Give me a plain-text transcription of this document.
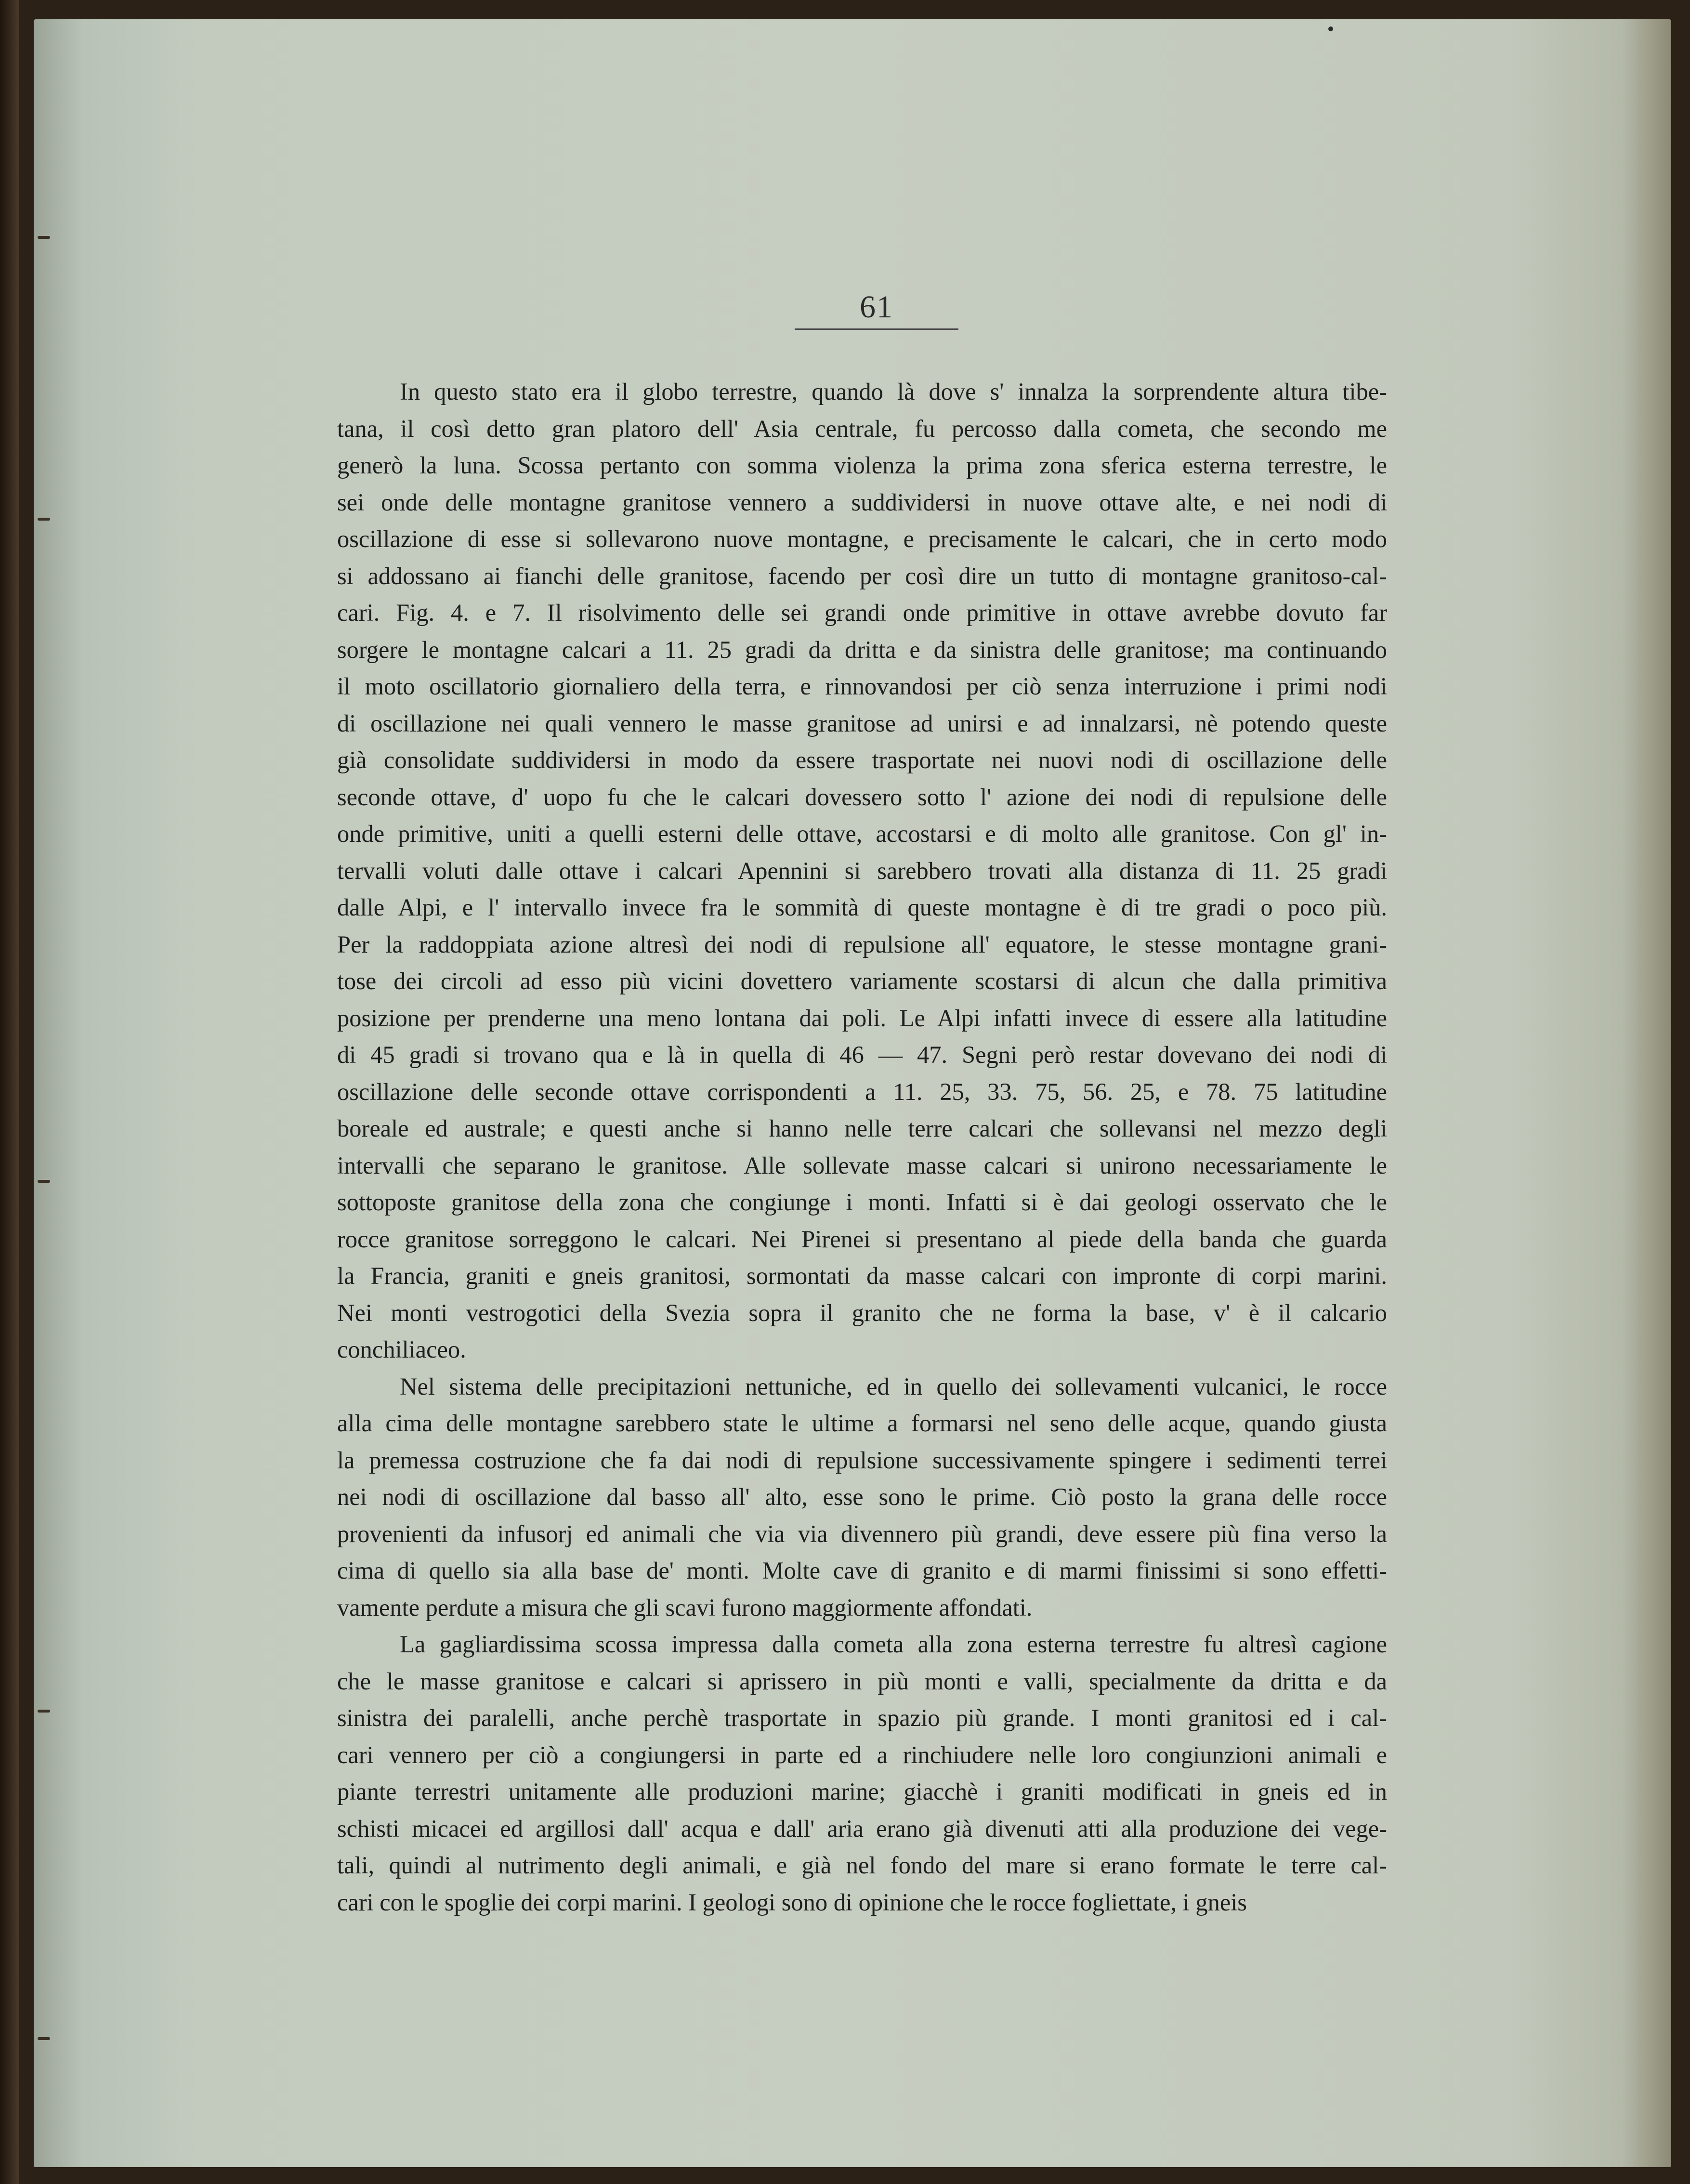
61
In questo stato era il globo terrestre, quando là dove s' innalza la sorprendente altura tibe-
tana, il così detto gran platoro dell' Asia centrale, fu percosso dalla cometa, che secondo me
generò la luna. Scossa pertanto con somma violenza la prima zona sferica esterna terrestre, le
sei onde delle montagne granitose vennero a suddividersi in nuove ottave alte, e nei nodi di
oscillazione di esse si sollevarono nuove montagne, e precisamente le calcari, che in certo modo
si addossano ai fianchi delle granitose, facendo per così dire un tutto di montagne granitoso-cal-
cari. Fig. 4. e 7. Il risolvimento delle sei grandi onde primitive in ottave avrebbe dovuto far
sorgere le montagne calcari a 11. 25 gradi da dritta e da sinistra delle granitose; ma continuando
il moto oscillatorio giornaliero della terra, e rinnovandosi per ciò senza interruzione i primi nodi
di oscillazione nei quali vennero le masse granitose ad unirsi e ad innalzarsi, nè potendo queste
già consolidate suddividersi in modo da essere trasportate nei nuovi nodi di oscillazione delle
seconde ottave, d' uopo fu che le calcari dovessero sotto l' azione dei nodi di repulsione delle
onde primitive, uniti a quelli esterni delle ottave, accostarsi e di molto alle granitose. Con gl' in-
tervalli voluti dalle ottave i calcari Apennini si sarebbero trovati alla distanza di 11. 25 gradi
dalle Alpi, e l' intervallo invece fra le sommità di queste montagne è di tre gradi o poco più.
Per la raddoppiata azione altresì dei nodi di repulsione all' equatore, le stesse montagne grani-
tose dei circoli ad esso più vicini dovettero variamente scostarsi di alcun che dalla primitiva
posizione per prenderne una meno lontana dai poli. Le Alpi infatti invece di essere alla latitudine
di 45 gradi si trovano qua e là in quella di 46 — 47. Segni però restar dovevano dei nodi di
oscillazione delle seconde ottave corrispondenti a 11. 25, 33. 75, 56. 25, e 78. 75 latitudine
boreale ed australe; e questi anche si hanno nelle terre calcari che sollevansi nel mezzo degli
intervalli che separano le granitose. Alle sollevate masse calcari si unirono necessariamente le
sottoposte granitose della zona che congiunge i monti. Infatti si è dai geologi osservato che le
rocce granitose sorreggono le calcari. Nei Pirenei si presentano al piede della banda che guarda
la Francia, graniti e gneis granitosi, sormontati da masse calcari con impronte di corpi marini.
Nei monti vestrogotici della Svezia sopra il granito che ne forma la base, v' è il calcario
conchiliaceo.
Nel sistema delle precipitazioni nettuniche, ed in quello dei sollevamenti vulcanici, le rocce
alla cima delle montagne sarebbero state le ultime a formarsi nel seno delle acque, quando giusta
la premessa costruzione che fa dai nodi di repulsione successivamente spingere i sedimenti terrei
nei nodi di oscillazione dal basso all' alto, esse sono le prime. Ciò posto la grana delle rocce
provenienti da infusorj ed animali che via via divennero più grandi, deve essere più fina verso la
cima di quello sia alla base de' monti. Molte cave di granito e di marmi finissimi si sono effetti-
vamente perdute a misura che gli scavi furono maggiormente affondati.
La gagliardissima scossa impressa dalla cometa alla zona esterna terrestre fu altresì cagione
che le masse granitose e calcari si aprissero in più monti e valli, specialmente da dritta e da
sinistra dei paralelli, anche perchè trasportate in spazio più grande. I monti granitosi ed i cal-
cari vennero per ciò a congiungersi in parte ed a rinchiudere nelle loro congiunzioni animali e
piante terrestri unitamente alle produzioni marine; giacchè i graniti modificati in gneis ed in
schisti micacei ed argillosi dall' acqua e dall' aria erano già divenuti atti alla produzione dei vege-
tali, quindi al nutrimento degli animali, e già nel fondo del mare si erano formate le terre cal-
cari con le spoglie dei corpi marini. I geologi sono di opinione che le rocce fogliettate, i gneis
